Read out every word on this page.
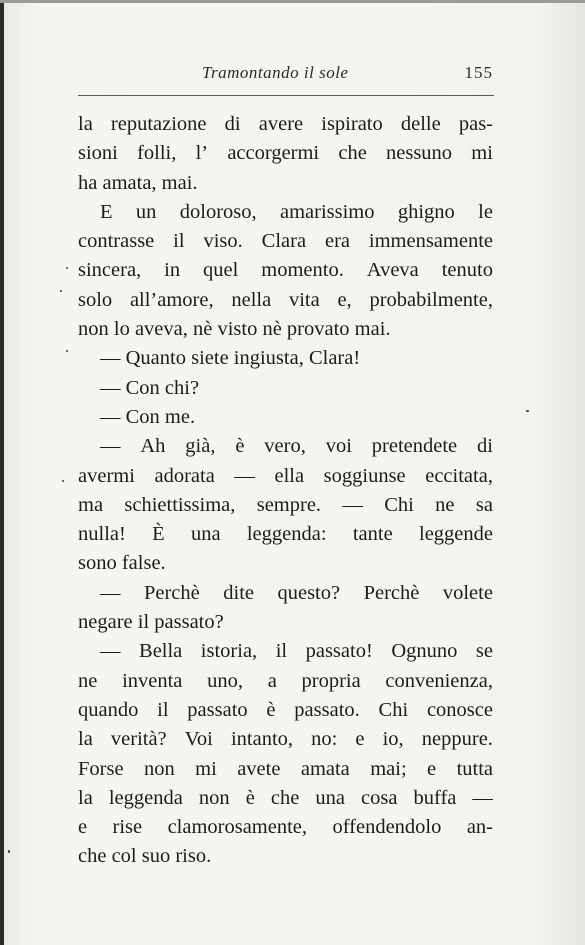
Tramontando il sole	155
la reputazione di avere ispirato delle pas-
sioni folli, l’ accorgermi che nessuno mi
ha amata, mai.
E un doloroso, amarissimo ghigno le
contrasse il viso. Clara era immensamente
sincera, in quel momento. Aveva tenuto
solo all’amore, nella vita e, probabilmente,
non lo aveva, nè visto nè provato mai.
— Quanto siete ingiusta, Clara!
— Con chi?
— Con me.
— Ah già, è vero, voi pretendete di
avermi adorata — ella soggiunse eccitata,
ma schiettissima, sempre. — Chi ne sa
nulla! È una leggenda: tante leggende
sono false.
— Perchè dite questo? Perchè volete
negare il passato?
— Bella istoria, il passato! Ognuno se
ne inventa uno, a propria convenienza,
quando il passato è passato. Chi conosce
la verità? Voi intanto, no: e io, neppure.
Forse non mi avete amata mai; e tutta
la leggenda non è che una cosa buffa —
e rise clamorosamente, offendendolo an-
che col suo riso.
